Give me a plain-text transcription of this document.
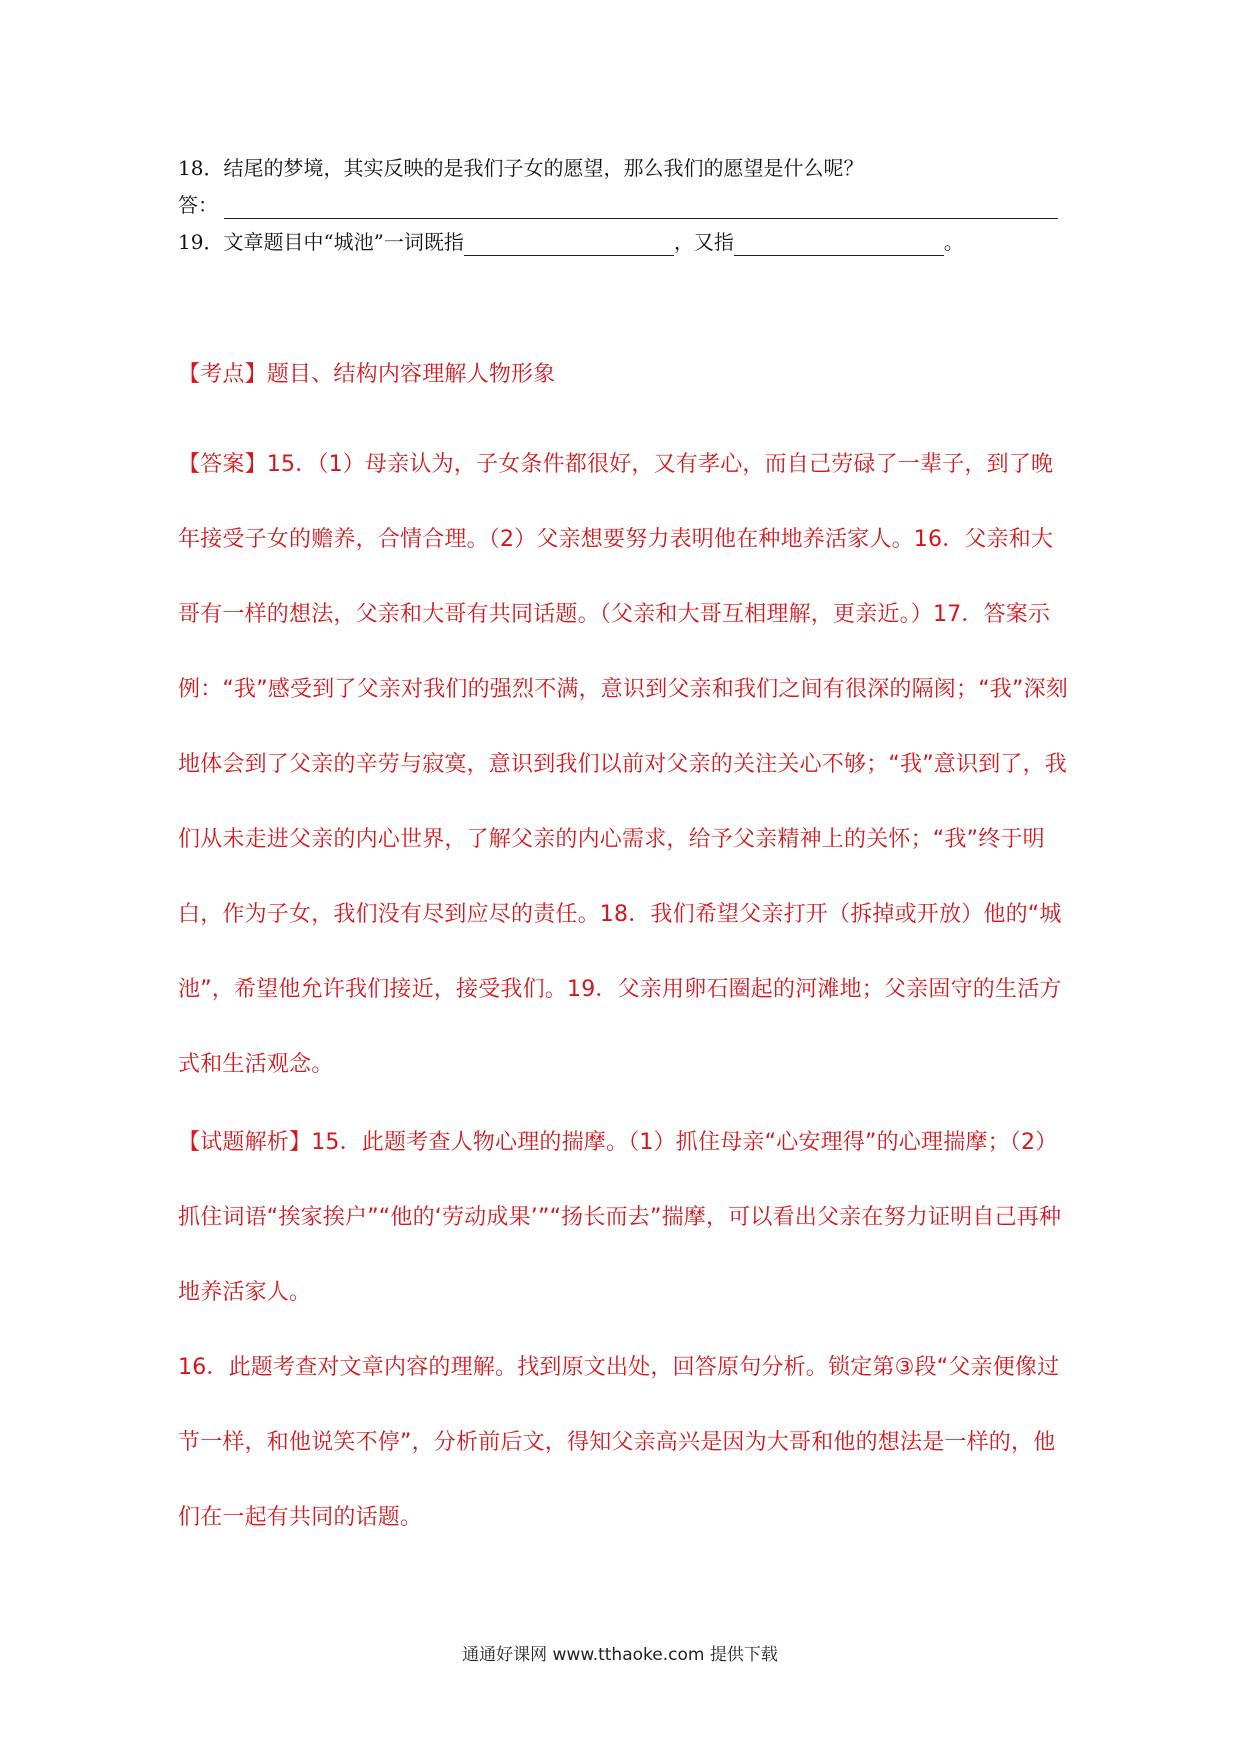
18．结尾的梦境，其实反映的是我们子女的愿望，那么我们的愿望是什么呢？
答：
19．文章题目中“城池”一词既指	，又指	。
【考点】题目、结构内容理解人物形象
【答案】15．（1）母亲认为，子女条件都很好，又有孝心，而自己劳碌了一辈子，到了晚年接受子女的赡养，合情合理。（2）父亲想要努力表明他在种地养活家人。16．父亲和大哥有一样的想法，父亲和大哥有共同话题。（父亲和大哥互相理解，更亲近。）17．答案示例：“我”感受到了父亲对我们的强烈不满，意识到父亲和我们之间有很深的隔阂；“我”深刻地体会到了父亲的辛劳与寂寞，意识到我们以前对父亲的关注关心不够；“我”意识到了，我们从未走进父亲的内心世界，了解父亲的内心需求，给予父亲精神上的关怀；“我”终于明白，作为子女，我们没有尽到应尽的责任。18．我们希望父亲打开（拆掉或开放）他的“城池”，希望他允许我们接近，接受我们。19．父亲用卵石圈起的河滩地；父亲固守的生活方式和生活观念。

【试题解析】15．此题考查人物心理的揣摩。（1）抓住母亲“心安理得”的心理揣摩；（2）抓住词语“挨家挨户”“他的‘劳动成果’”“扬长而去”揣摩，可以看出父亲在努力证明自己再种地养活家人。

16．此题考查对文章内容的理解。找到原文出处，回答原句分析。锁定第③段“父亲便像过节一样，和他说笑不停”，分析前后文，得知父亲高兴是因为大哥和他的想法是一样的，他们在一起有共同的话题。

通通好课网 www.tthaoke.com 提供下载
